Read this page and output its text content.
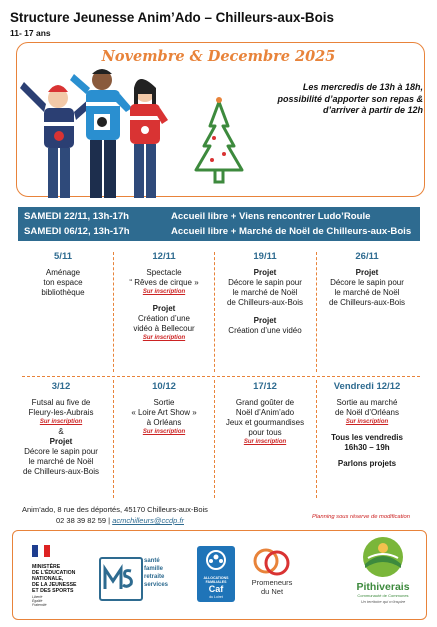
Structure Jeunesse Anim’Ado – Chilleurs-aux-Bois
11- 17 ans
Novembre & Decembre 2025
Les mercredis de 13h à 18h,
possibilité d’apporter son repas &
d’arriver à partir de 12h
SAMEDI 22/11, 13h-17h	Accueil libre + Viens rencontrer Ludo’Roule
SAMEDI 06/12, 13h-17h	Accueil libre + Marché de Noël de Chilleurs-aux-Bois
5/11
Aménage
ton espace
bibliothèque
12/11
Spectacle
“ Rêves de cirque »
Sur inscription
Projet
Création d’une
vidéo à Bellecour
Sur inscription
19/11
Projet
Décore le sapin pour
le marché de Noël
de Chilleurs-aux-Bois
Projet
Création d’une vidéo
26/11
Projet
Décore le sapin pour
le marché de Noël
de Chilleurs-aux-Bois
3/12
Futsal au five de
Fleury-les-Aubrais
Sur inscription
&
Projet
Décore le sapin pour
le marché de Noël
de Chilleurs-aux-Bois
10/12
Sortie
« Loire Art Show »
à Orléans
Sur inscription
17/12
Grand goûter de
Noël d’Anim’ado
Jeux et gourmandises
pour tous
Sur inscription
Vendredi 12/12
Sortie au marché
de Noël d’Orléans
Sur inscription
Tous les vendredis
16h30 – 19h
Parlons projets
Anim’ado, 8 rue des déportés, 45170 Chilleurs-aux-Bois
02 38 39 82 59 | acmchilleurs@ccdp.fr	Planning sous réserve de modification
MINISTÈRE
DE L’ÉDUCATION
NATIONALE,
DE LA JEUNESSE
ET DES SPORTS
Liberté
Égalité
Fraternité
santé
famille
retraite
services
ALLOCATIONS
FAMILIALES
Caf
du Loiret
Promeneurs
du Net	Pithiverais
Communauté de Communes
Un territoire qui m’inspire
